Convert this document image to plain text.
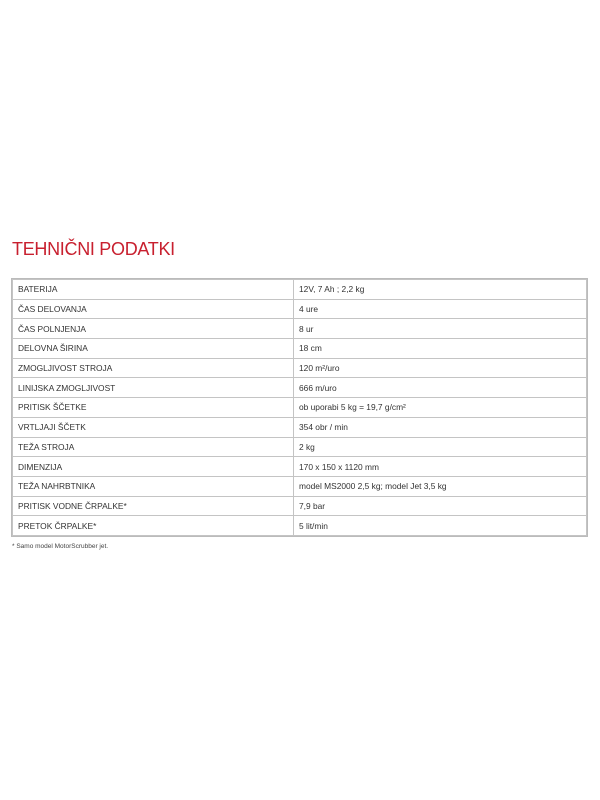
TEHNIČNI PODATKI
BATERIJA	12V, 7 Ah ; 2,2 kg
ČAS DELOVANJA	4 ure
ČAS POLNJENJA	8 ur
DELOVNA ŠIRINA	18 cm
ZMOGLJIVOST STROJA	120 m²/uro
LINIJSKA ZMOGLJIVOST	666 m/uro
PRITISK ŠČETKE	ob uporabi 5 kg = 19,7 g/cm²
VRTLJAJI ŠČETK	354 obr / min
TEŽA STROJA	2 kg
DIMENZIJA	170 x 150 x 1120 mm
TEŽA NAHRBTNIKA	model MS2000 2,5 kg; model Jet 3,5 kg
PRITISK VODNE ČRPALKE*	7,9 bar
PRETOK ČRPALKE*	5 lit/min
* Samo model MotorScrubber jet.
